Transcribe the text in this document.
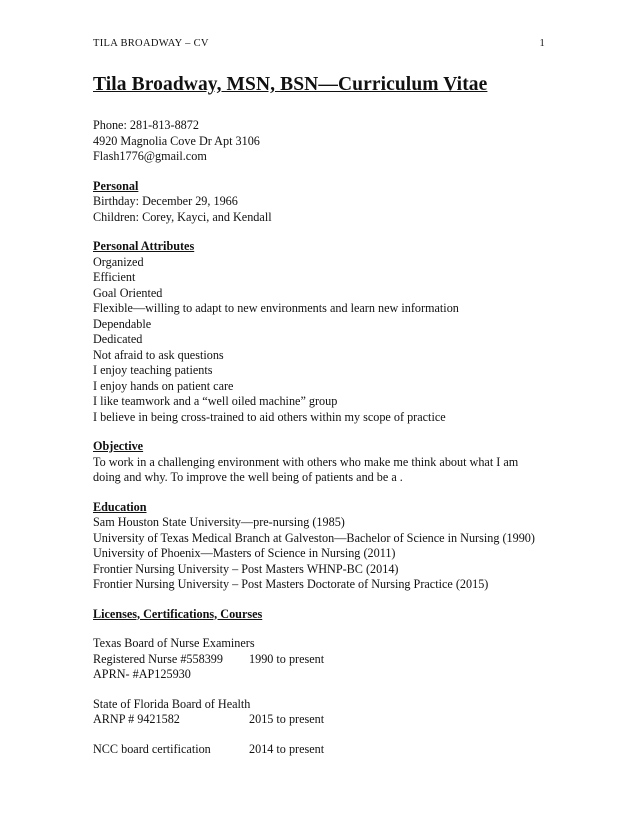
TILA BROADWAY – CV	1
Tila Broadway, MSN, BSN—Curriculum Vitae
Phone: 281-813-8872
4920 Magnolia Cove Dr Apt 3106
Flash1776@gmail.com
Personal
Birthday: December 29, 1966
Children: Corey, Kayci, and Kendall
Personal Attributes
Organized
Efficient
Goal Oriented
Flexible—willing to adapt to new environments and learn new information
Dependable
Dedicated
Not afraid to ask questions
I enjoy teaching patients
I enjoy hands on patient care
I like teamwork and a “well oiled machine” group
I believe in being cross-trained to aid others within my scope of practice
Objective
To work in a challenging environment with others who make me think about what I am doing and why. To improve the well being of patients and be a .
Education
Sam Houston State University—pre-nursing (1985)
University of Texas Medical Branch at Galveston—Bachelor of Science in Nursing (1990)
University of Phoenix—Masters of Science in Nursing (2011)
Frontier Nursing University – Post Masters WHNP-BC (2014)
Frontier Nursing University – Post Masters Doctorate of Nursing Practice (2015)
Licenses, Certifications, Courses
Texas Board of Nurse Examiners
Registered Nurse #558399	1990 to present
APRN- #AP125930
State of Florida Board of Health
ARNP # 9421582	2015 to present
NCC board certification	2014 to present
